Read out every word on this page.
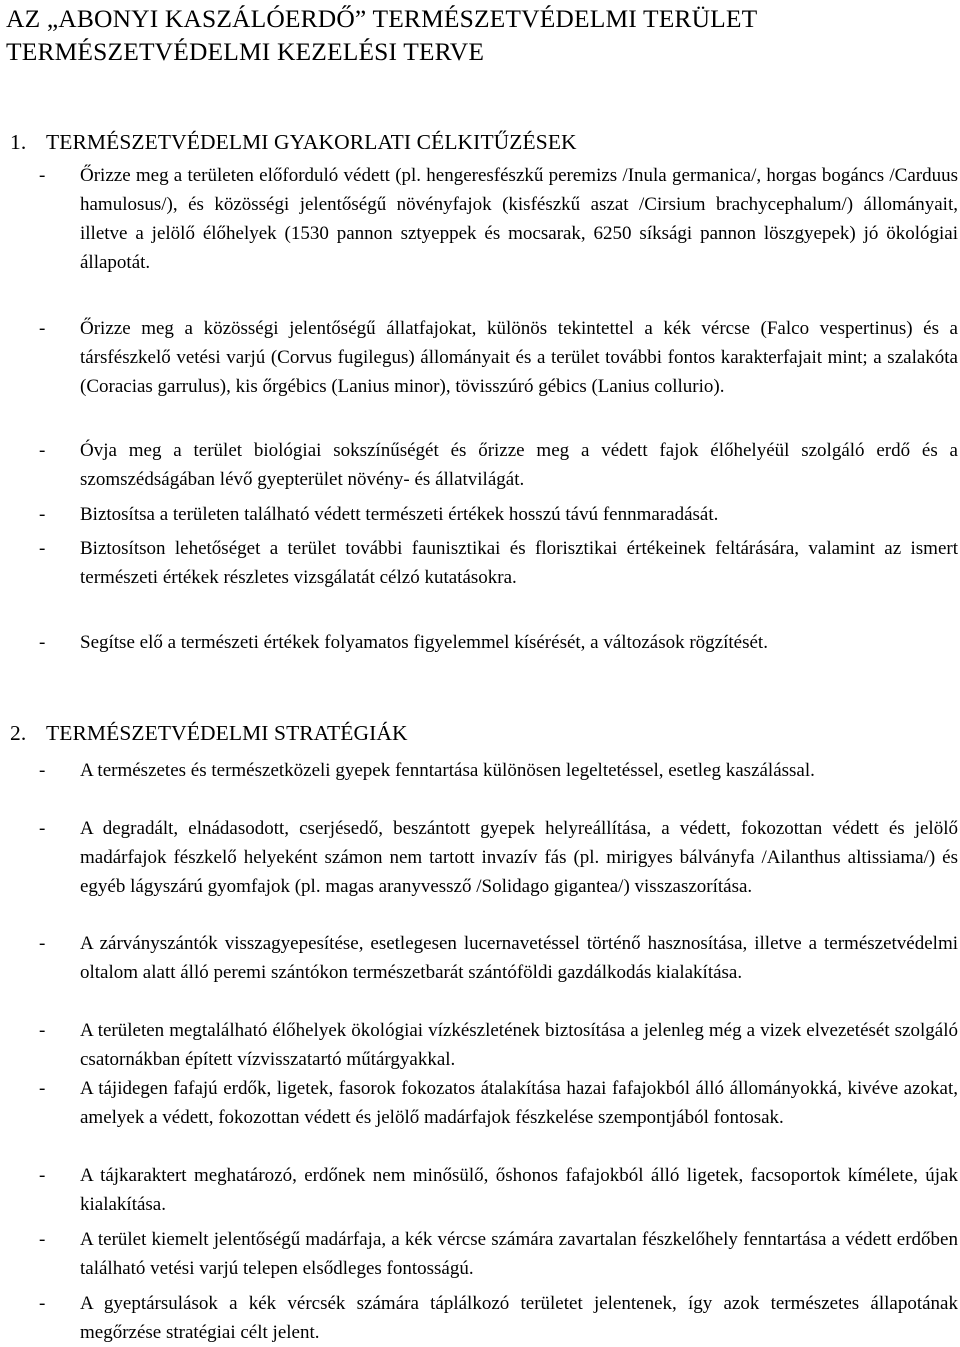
AZ „ABONYI KASZÁLÓERDŐ” TERMÉSZETVÉDELMI TERÜLET
TERMÉSZETVÉDELMI KEZELÉSI TERVE
1. TERMÉSZETVÉDELMI GYAKORLATI CÉLKITŰZÉSEK
- Őrizze meg a területen előforduló védett (pl. hengeresfészkű peremizs /Inula germanica/, horgas bogáncs /Carduus hamulosus/), és közösségi jelentőségű növényfajok (kisfészkű aszat /Cirsium brachycephalum/) állományait, illetve a jelölő élőhelyek (1530 pannon sztyeppek és mocsarak, 6250 síksági pannon löszgyepek) jó ökológiai állapotát.
- Őrizze meg a közösségi jelentőségű állatfajokat, különös tekintettel a kék vércse (Falco vespertinus) és a társfészkelő vetési varjú (Corvus fugilegus) állományait és a terület további fontos karakterfajait mint; a szalakóta (Coracias garrulus), kis őrgébics (Lanius minor), tövisszúró gébics (Lanius collurio).
- Óvja meg a terület biológiai sokszínűségét és őrizze meg a védett fajok élőhelyéül szolgáló erdő és a szomszédságában lévő gyepterület növény- és állatvilágát.
- Biztosítsa a területen található védett természeti értékek hosszú távú fennmaradását.
- Biztosítson lehetőséget a terület további faunisztikai és florisztikai értékeinek feltárására, valamint az ismert természeti értékek részletes vizsgálatát célzó kutatásokra.
- Segítse elő a természeti értékek folyamatos figyelemmel kísérését, a változások rögzítését.
2. TERMÉSZETVÉDELMI STRATÉGIÁK
- A természetes és természetközeli gyepek fenntartása különösen legeltetéssel, esetleg kaszálással.
- A degradált, elnádasodott, cserjésedő, beszántott gyepek helyreállítása, a védett, fokozottan védett és jelölő madárfajok fészkelő helyeként számon nem tartott invazív fás (pl. mirigyes bálványfa /Ailanthus altissiama/) és egyéb lágyszárú gyomfajok (pl. magas aranyvessző /Solidago gigantea/) visszaszorítása.
- A zárványszántók visszagyepesítése, esetlegesen lucernavetéssel történő hasznosítása, illetve a természetvédelmi oltalom alatt álló peremi szántókon természetbarát szántóföldi gazdálkodás kialakítása.
- A területen megtalálható élőhelyek ökológiai vízkészletének biztosítása a jelenleg még a vizek elvezetését szolgáló csatornákban épített vízvisszatartó műtárgyakkal.
- A tájidegen fafajú erdők, ligetek, fasorok fokozatos átalakítása hazai fafajokból álló állományokká, kivéve azokat, amelyek a védett, fokozottan védett és jelölő madárfajok fészkelése szempontjából fontosak.
- A tájkaraktert meghatározó, erdőnek nem minősülő, őshonos fafajokból álló ligetek, facsoportok kímélete, újak kialakítása.
- A terület kiemelt jelentőségű madárfaja, a kék vércse számára zavartalan fészkelőhely fenntartása a védett erdőben található vetési varjú telepen elsődleges fontosságú.
- A gyeptársulások a kék vércsék számára táplálkozó területet jelentenek, így azok természetes állapotának megőrzése stratégiai célt jelent.
